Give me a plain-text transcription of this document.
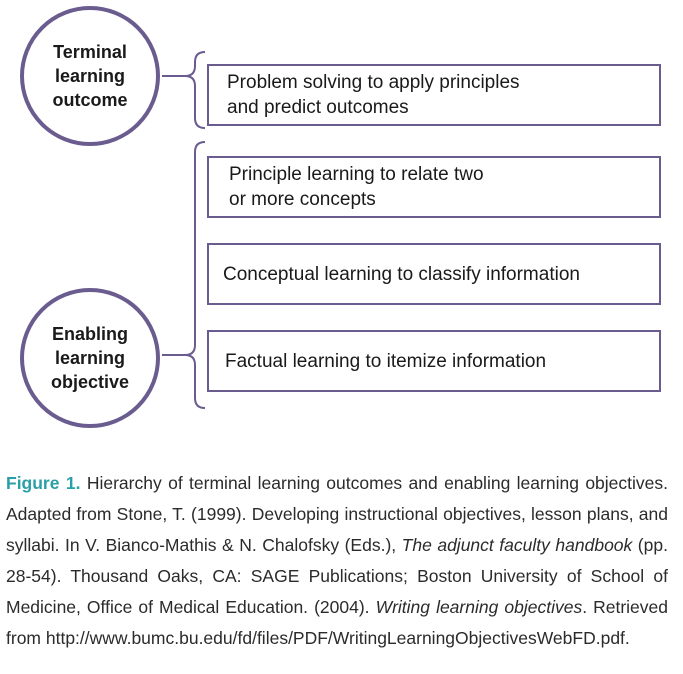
Terminal
learning
outcome
Enabling
learning
objective
Problem solving to apply principles
and predict outcomes
Principle learning to relate two
or more concepts
Conceptual learning to classify information
Factual learning to itemize information

Figure 1. Hierarchy of terminal learning outcomes and enabling learning objectives. Adapted from Stone, T. (1999). Developing instructional objectives, lesson plans, and syllabi. In V. Bianco-Mathis & N. Chalofsky (Eds.), The adjunct faculty handbook (pp. 28-54). Thousand Oaks, CA: SAGE Publications; Boston University of School of Medicine, Office of Medical Education. (2004). Writing learning objectives. Retrieved from http://www.bumc.bu.edu/fd/files/PDF/WritingLearningObjectivesWebFD.pdf.
